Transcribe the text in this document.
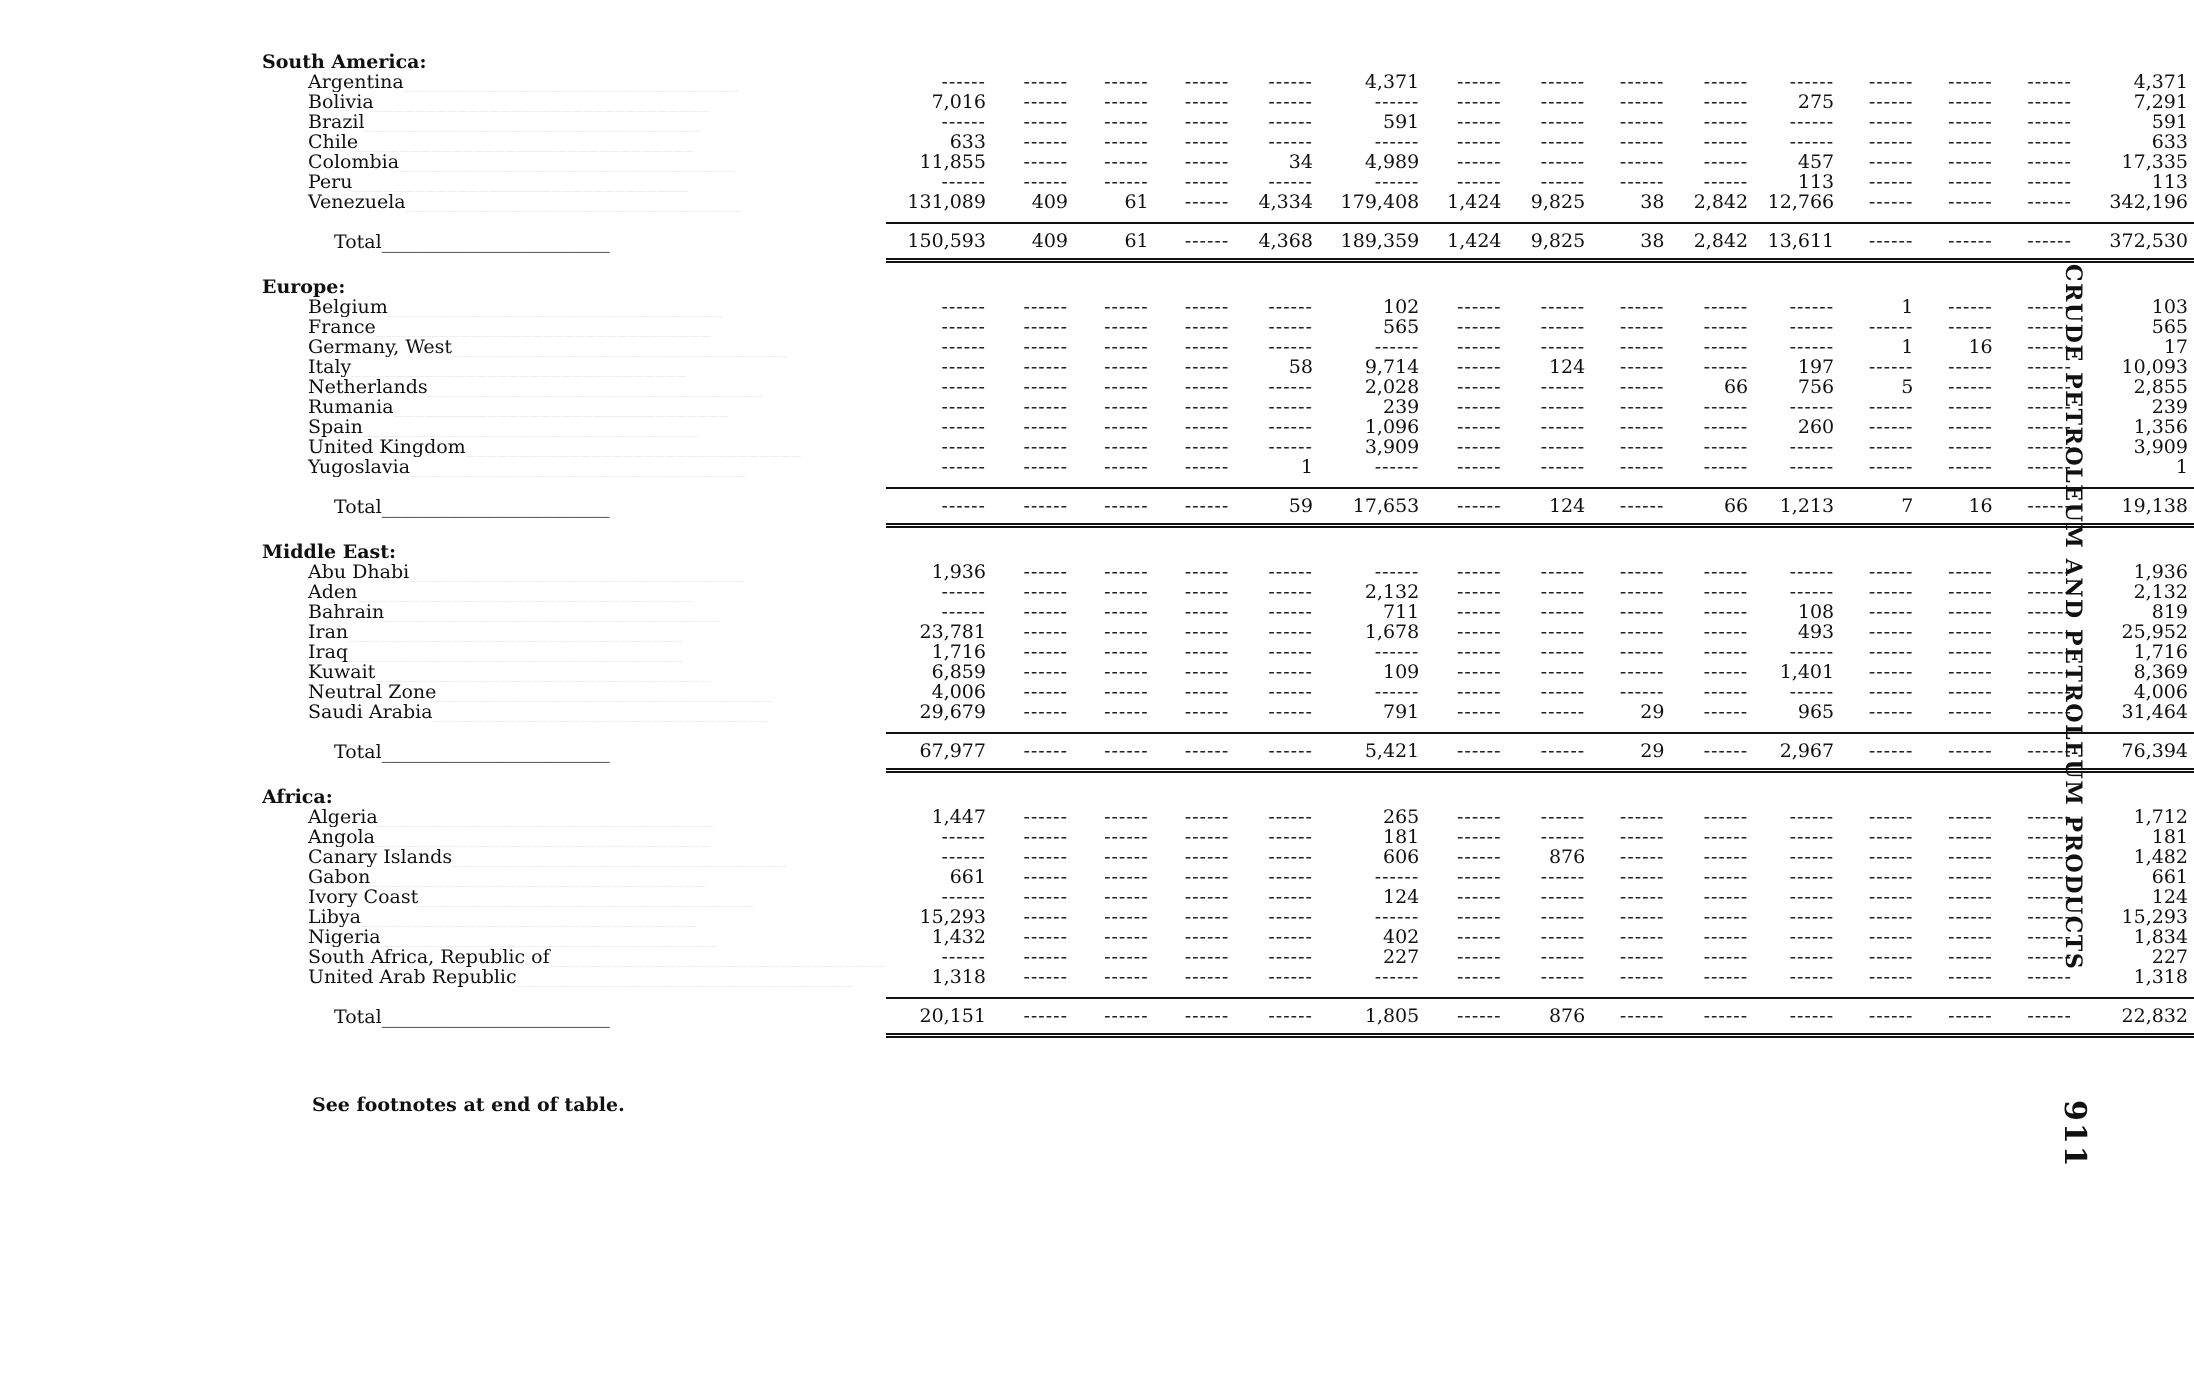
South America:															
Argentina________________________________	------	------	------	------	------	4,371	------	------	------	------	------	------	------	------	4,371
Bolivia________________________________	7,016	------	------	------	------	------	------	------	------	------	275	------	------	------	7,291
Brazil________________________________	------	------	------	------	------	591	------	------	------	------	------	------	------	------	591
Chile________________________________	633	------	------	------	------	------	------	------	------	------	------	------	------	------	633
Colombia________________________________	11,855	------	------	------	34	4,989	------	------	------	------	457	------	------	------	17,335
Peru________________________________	------	------	------	------	------	------	------	------	------	------	113	------	------	------	113
Venezuela________________________________	131,089	409	61	------	4,334	179,408	1,424	9,825	38	2,842	12,766	------	------	------	342,196

Total________________________	150,593	409	61	------	4,368	189,359	1,424	9,825	38	2,842	13,611	------	------	------	372,530

Europe:															
Belgium________________________________	------	------	------	------	------	102	------	------	------	------	------	1	------	------	103
France________________________________	------	------	------	------	------	565	------	------	------	------	------	------	------	------	565
Germany, West________________________________	------	------	------	------	------	------	------	------	------	------	------	1	16	------	17
Italy________________________________	------	------	------	------	58	9,714	------	124	------	------	197	------	------	------	10,093
Netherlands________________________________	------	------	------	------	------	2,028	------	------	------	66	756	5	------	------	2,855
Rumania________________________________	------	------	------	------	------	239	------	------	------	------	------	------	------	------	239
Spain________________________________	------	------	------	------	------	1,096	------	------	------	------	260	------	------	------	1,356
United Kingdom________________________________	------	------	------	------	------	3,909	------	------	------	------	------	------	------	------	3,909
Yugoslavia________________________________	------	------	------	------	1	------	------	------	------	------	------	------	------	------	1

Total________________________	------	------	------	------	59	17,653	------	124	------	66	1,213	7	16	------	19,138

Middle East:															
Abu Dhabi________________________________	1,936	------	------	------	------	------	------	------	------	------	------	------	------	------	1,936
Aden________________________________	------	------	------	------	------	2,132	------	------	------	------	------	------	------	------	2,132
Bahrain________________________________	------	------	------	------	------	711	------	------	------	------	108	------	------	------	819
Iran________________________________	23,781	------	------	------	------	1,678	------	------	------	------	493	------	------	------	25,952
Iraq________________________________	1,716	------	------	------	------	------	------	------	------	------	------	------	------	------	1,716
Kuwait________________________________	6,859	------	------	------	------	109	------	------	------	------	1,401	------	------	------	8,369
Neutral Zone________________________________	4,006	------	------	------	------	------	------	------	------	------	------	------	------	------	4,006
Saudi Arabia________________________________	29,679	------	------	------	------	791	------	------	29	------	965	------	------	------	31,464

Total________________________	67,977	------	------	------	------	5,421	------	------	29	------	2,967	------	------	------	76,394

Africa:															
Algeria________________________________	1,447	------	------	------	------	265	------	------	------	------	------	------	------	------	1,712
Angola________________________________	------	------	------	------	------	181	------	------	------	------	------	------	------	------	181
Canary Islands________________________________	------	------	------	------	------	606	------	876	------	------	------	------	------	------	1,482
Gabon________________________________	661	------	------	------	------	------	------	------	------	------	------	------	------	------	661
Ivory Coast________________________________	------	------	------	------	------	124	------	------	------	------	------	------	------	------	124
Libya________________________________	15,293	------	------	------	------	------	------	------	------	------	------	------	------	------	15,293
Nigeria________________________________	1,432	------	------	------	------	402	------	------	------	------	------	------	------	------	1,834
South Africa, Republic of________________________________	------	------	------	------	------	227	------	------	------	------	------	------	------	------	227
United Arab Republic________________________________	1,318	------	------	------	------	------	------	------	------	------	------	------	------	------	1,318

Total________________________	20,151	------	------	------	------	1,805	------	876	------	------	------	------	------	------	22,832

See footnotes at end of table.
CRUDE PETROLEUM AND PETROLEUM PRODUCTS
911
